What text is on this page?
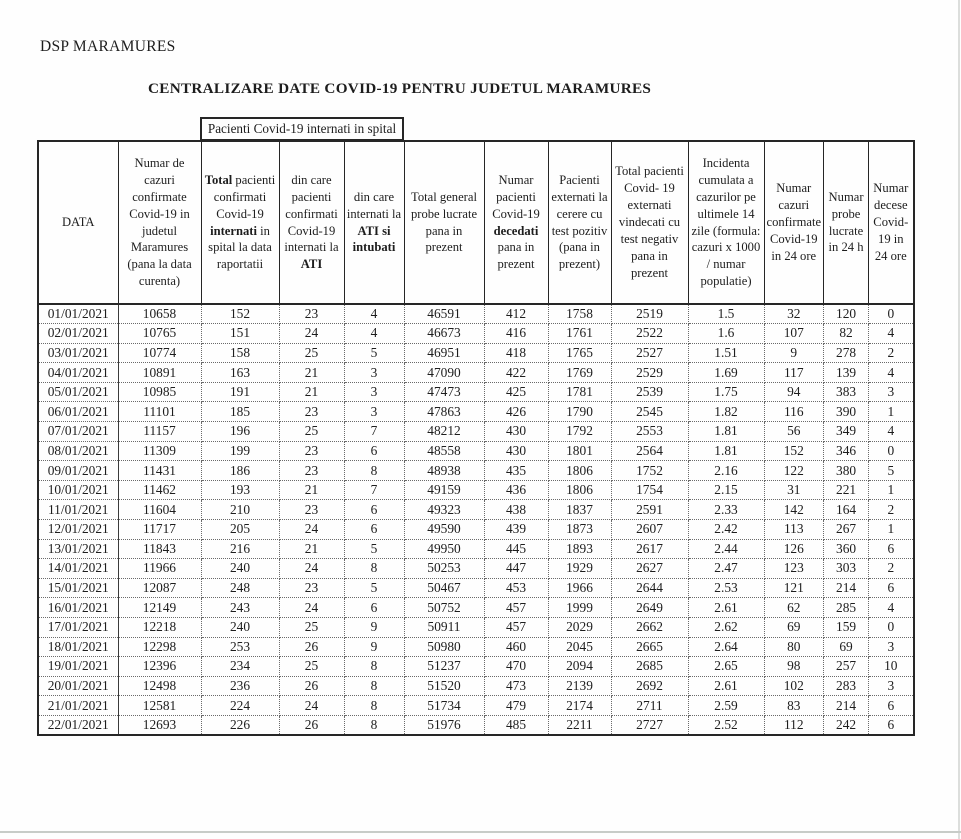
DSP MARAMURES
CENTRALIZARE DATE COVID-19 PENTRU JUDETUL MARAMURES
Pacienti Covid-19 internati in spital
DATA	Numar de cazuri confirmate Covid-19 in judetul Maramures (pana la data curenta)	Total pacienti confirmati Covid-19 internati in spital la data raportatii	din care pacienti confirmati Covid-19 internati la ATI	din care internati la ATI si intubati	Total general probe lucrate pana in prezent	Numar pacienti Covid-19 decedati pana in prezent	Pacienti externati la cerere cu test pozitiv (pana in prezent)	Total pacienti Covid- 19 externati vindecati cu test negativ pana in prezent	Incidenta cumulata a cazurilor pe ultimele 14 zile (formula: cazuri x 1000 / numar populatie)	Numar cazuri confirmate Covid-19 in 24 ore	Numar probe lucrate in 24 h	Numar decese Covid-19 in 24 ore
01/01/2021	10658	152	23	4	46591	412	1758	2519	1.5	32	120	0
02/01/2021	10765	151	24	4	46673	416	1761	2522	1.6	107	82	4
03/01/2021	10774	158	25	5	46951	418	1765	2527	1.51	9	278	2
04/01/2021	10891	163	21	3	47090	422	1769	2529	1.69	117	139	4
05/01/2021	10985	191	21	3	47473	425	1781	2539	1.75	94	383	3
06/01/2021	11101	185	23	3	47863	426	1790	2545	1.82	116	390	1
07/01/2021	11157	196	25	7	48212	430	1792	2553	1.81	56	349	4
08/01/2021	11309	199	23	6	48558	430	1801	2564	1.81	152	346	0
09/01/2021	11431	186	23	8	48938	435	1806	1752	2.16	122	380	5
10/01/2021	11462	193	21	7	49159	436	1806	1754	2.15	31	221	1
11/01/2021	11604	210	23	6	49323	438	1837	2591	2.33	142	164	2
12/01/2021	11717	205	24	6	49590	439	1873	2607	2.42	113	267	1
13/01/2021	11843	216	21	5	49950	445	1893	2617	2.44	126	360	6
14/01/2021	11966	240	24	8	50253	447	1929	2627	2.47	123	303	2
15/01/2021	12087	248	23	5	50467	453	1966	2644	2.53	121	214	6
16/01/2021	12149	243	24	6	50752	457	1999	2649	2.61	62	285	4
17/01/2021	12218	240	25	9	50911	457	2029	2662	2.62	69	159	0
18/01/2021	12298	253	26	9	50980	460	2045	2665	2.64	80	69	3
19/01/2021	12396	234	25	8	51237	470	2094	2685	2.65	98	257	10
20/01/2021	12498	236	26	8	51520	473	2139	2692	2.61	102	283	3
21/01/2021	12581	224	24	8	51734	479	2174	2711	2.59	83	214	6
22/01/2021	12693	226	26	8	51976	485	2211	2727	2.52	112	242	6
